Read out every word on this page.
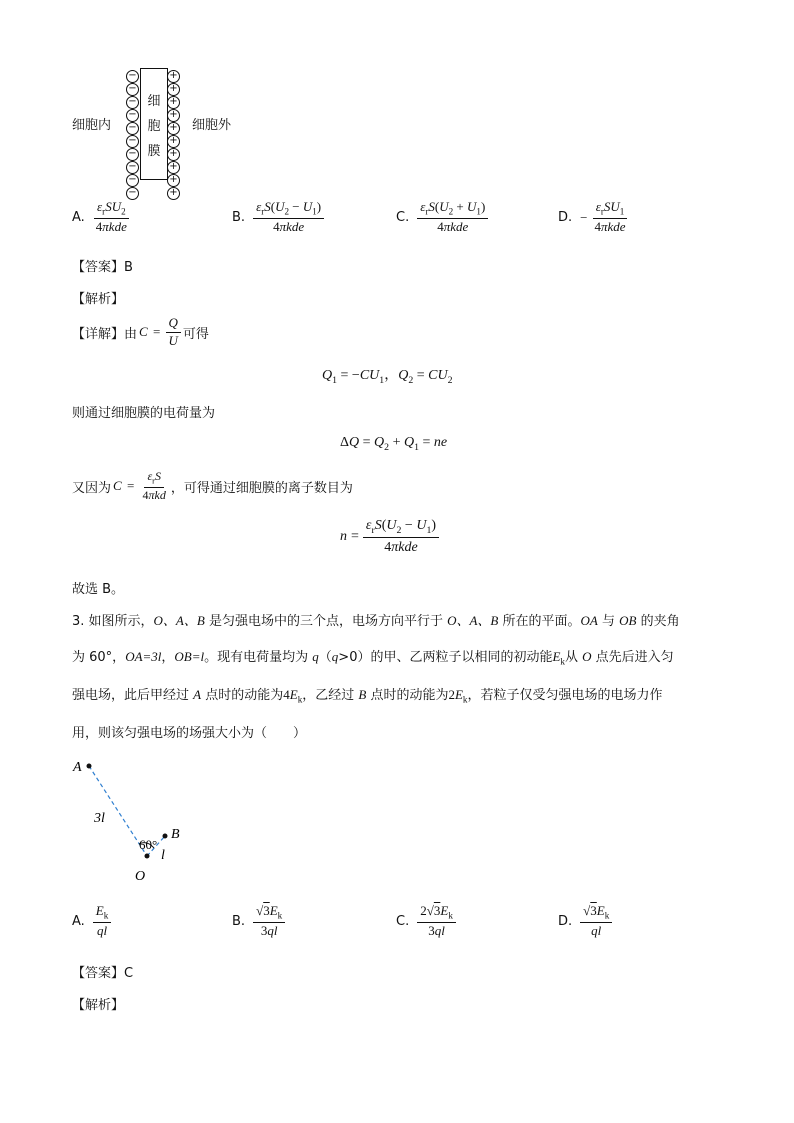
细胞内
−
−
−
−
−
−
−
−
−
−
细
胞
膜
+
+
+
+
+
+
+
+
+
+
细胞外
A. $\frac{\varepsilon_rSU_2}{\text{4πkde}}$	B. $\frac{\varepsilon_rS(U_2 - U_1)}{\text{4πkde}}$	C. $\frac{\varepsilon_rS(U_2 + U_1)}{\text{4πkde}}$	D. − $\frac{\varepsilon_rSU_1}{\text{4πkde}}$
【答案】B
【解析】
【详解】由 $C = \frac{Q}{U}$ 可得
$Q_1 = -CU_1$，$Q_2 = CU_2$
则通过细胞膜的电荷量为
$\Delta Q = Q_2 + Q_1$ = ne
又因为 $C = \frac{\varepsilon_rS}{\text{4πkd}}$ ，可得通过细胞膜的离子数目为
$n = \frac{\varepsilon_rS(U_2 - U_1)}{\text{4πkde}}$
故选 B。
3. 如图所示，O、A、B 是匀强电场中的三个点，电场方向平行于 O、A、B 所在的平面。OA 与 OB 的夹角
为 60°，OA=3l，OB=l。现有电荷量均为 q（q>0）的甲、乙两粒子以相同的初动能$E_k$从 O 点先后进入匀
强电场，此后甲经过 A 点时的动能为$4E_k$，乙经过 B 点时的动能为$2E_k$，若粒子仅受匀强电场的电场力作
用，则该匀强电场的场强大小为（　　）
A
B
O
3l
l
60°
A. $\frac{E_k}{ql}$	B. $\frac{√3E_k}{3ql}$	C. $\frac{2√3E_k}{3ql}$	D. $\frac{√3E_k}{ql}$
【答案】C
【解析】
